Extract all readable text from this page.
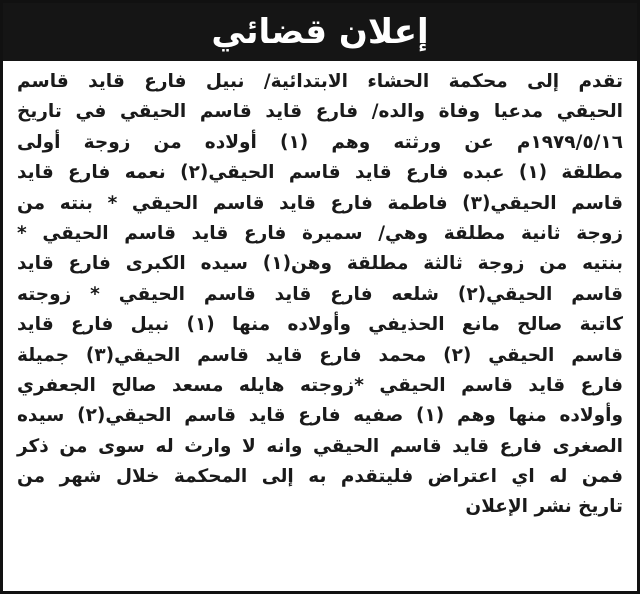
إعلان قضائي
تقدم إلى محكمة الحشاء الابتدائية/ نبيل فارع قايد قاسم
الحيقي مدعيا وفاة والده/ فارع قايد قاسم الحيقي في تاريخ
١٩٧٩/٥/١٦م عن ورثته وهم (١) أولاده من زوجة أولى
مطلقة (١) عبده فارع قايد قاسم الحيقي(٢) نعمه فارع قايد
قاسم الحيقي(٣) فاطمة فارع قايد قاسم الحيقي * بنته من
زوجة ثانية مطلقة وهي/ سميرة فارع قايد قاسم الحيقي *
بنتيه من زوجة ثالثة مطلقة وهن(١) سيده الكبرى فارع قايد
قاسم الحيقي(٢) شلعه فارع قايد قاسم الحيقي * زوجته
كاتبة صالح مانع الحذيفي وأولاده منها (١) نبيل فارع قايد
قاسم الحيقي (٢) محمد فارع قايد قاسم الحيقي(٣) جميلة
فارع قايد قاسم الحيقي *زوجته هايله مسعد صالح الجعفري
وأولاده منها وهم (١) صفيه فارع قايد قاسم الحيقي(٢) سيده
الصغرى فارع قايد قاسم الحيقي وانه لا وارث له سوى من ذكر
فمن له اي اعتراض فليتقدم به إلى المحكمة خلال شهر من
تاريخ نشر الإعلان
